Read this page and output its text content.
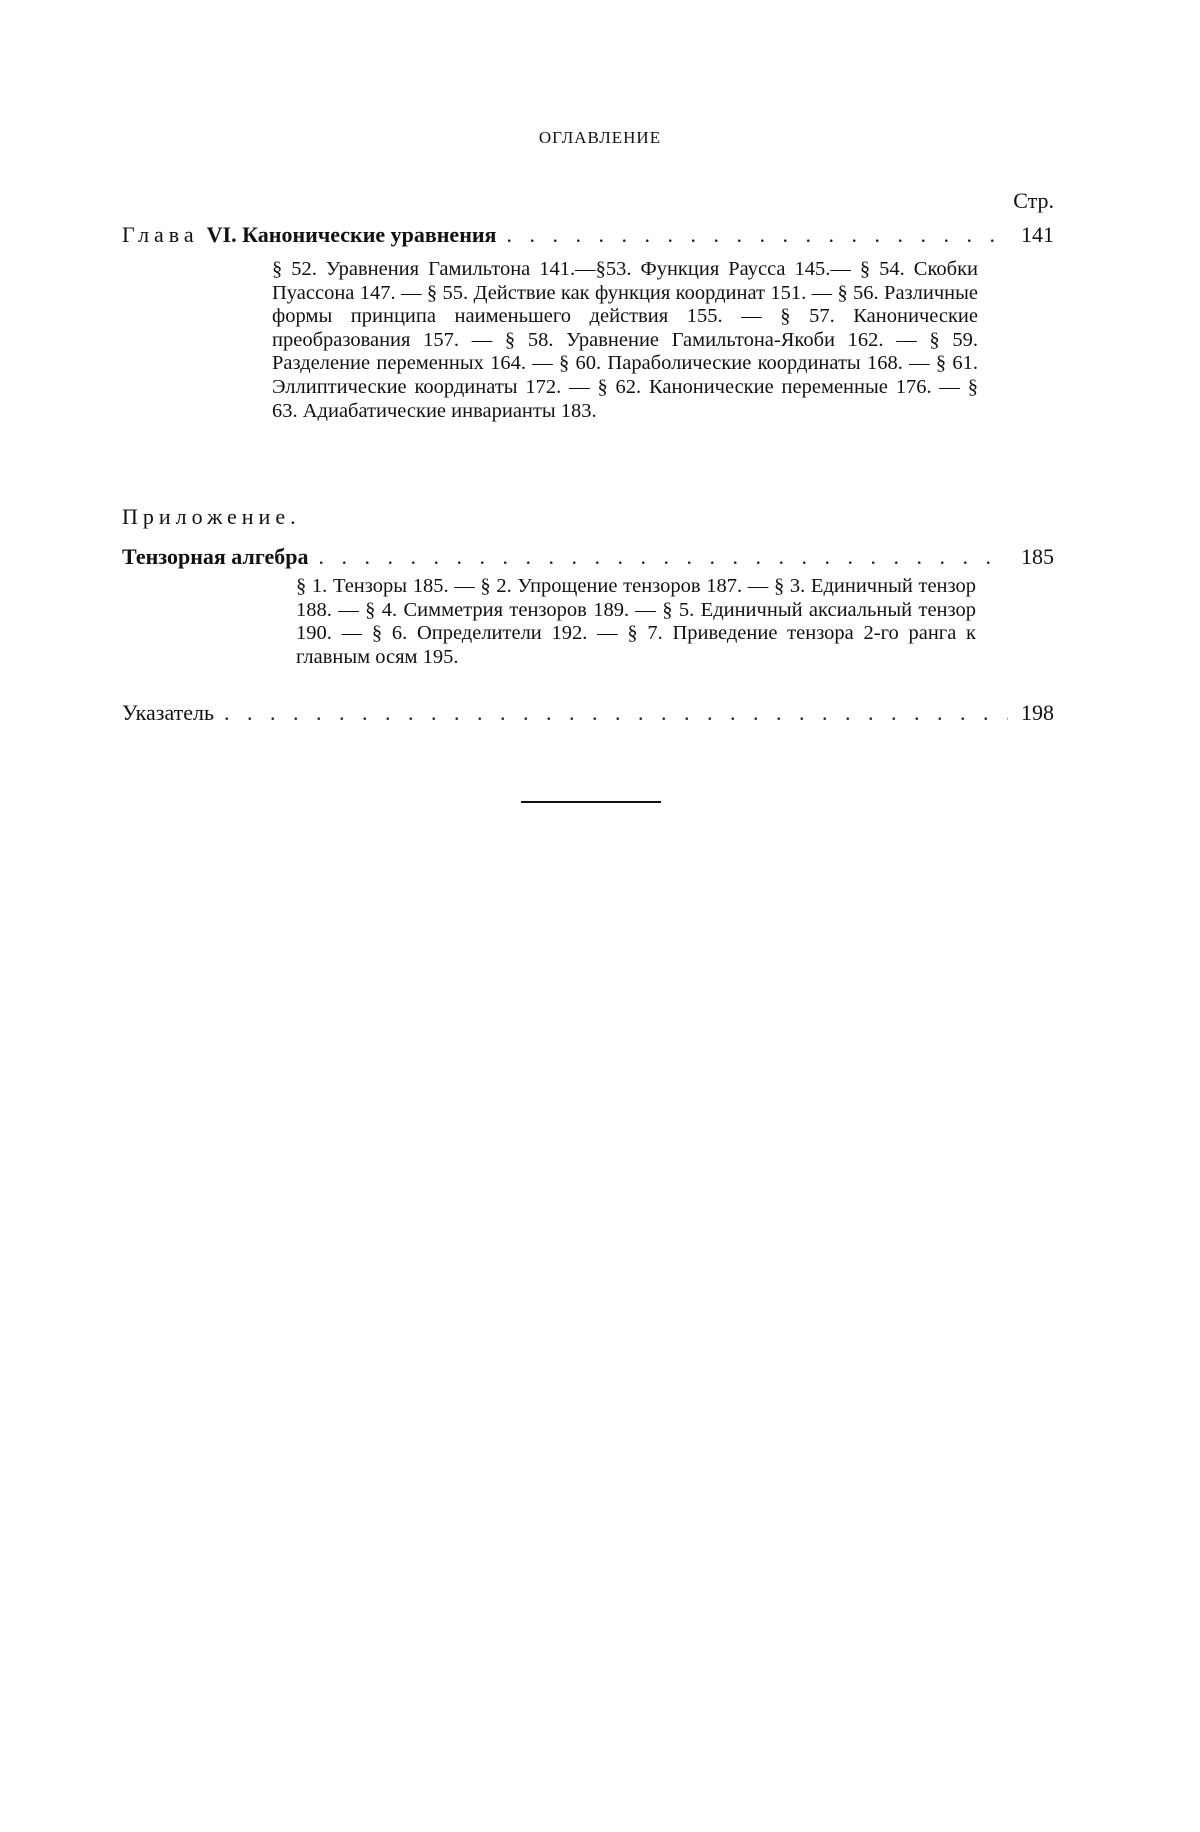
ОГЛАВЛЕНИЕ
Стр.
Глава VI.
Канонические уравнения . . .	141
§ 52. Уравнения Гамильтона 141.—§53. Функция Раусса 145.— § 54. Скобки Пуассона 147. — § 55. Действие как функция координат 151. — § 56. Различные формы принципа наименьшего действия 155. — § 57. Канонические преобразования 157. — § 58. Уравнение Гамильтона-Якоби 162. — § 59. Разделение переменных 164. — § 60. Параболические координаты 168. — § 61. Эллиптические координаты 172. — § 62. Канонические переменные 176. — § 63. Адиабатические инварианты 183.
Приложение.
Тензорная алгебра . . .	185
§ 1. Тензоры 185. — § 2. Упрощение тензоров 187. — § 3. Единичный тензор 188. — § 4. Симметрия тензоров 189. — § 5. Единичный аксиальный тензор 190. — § 6. Определители 192. — § 7. Приведение тензора 2-го ранга к главным осям 195.
Указатель . . .	198
